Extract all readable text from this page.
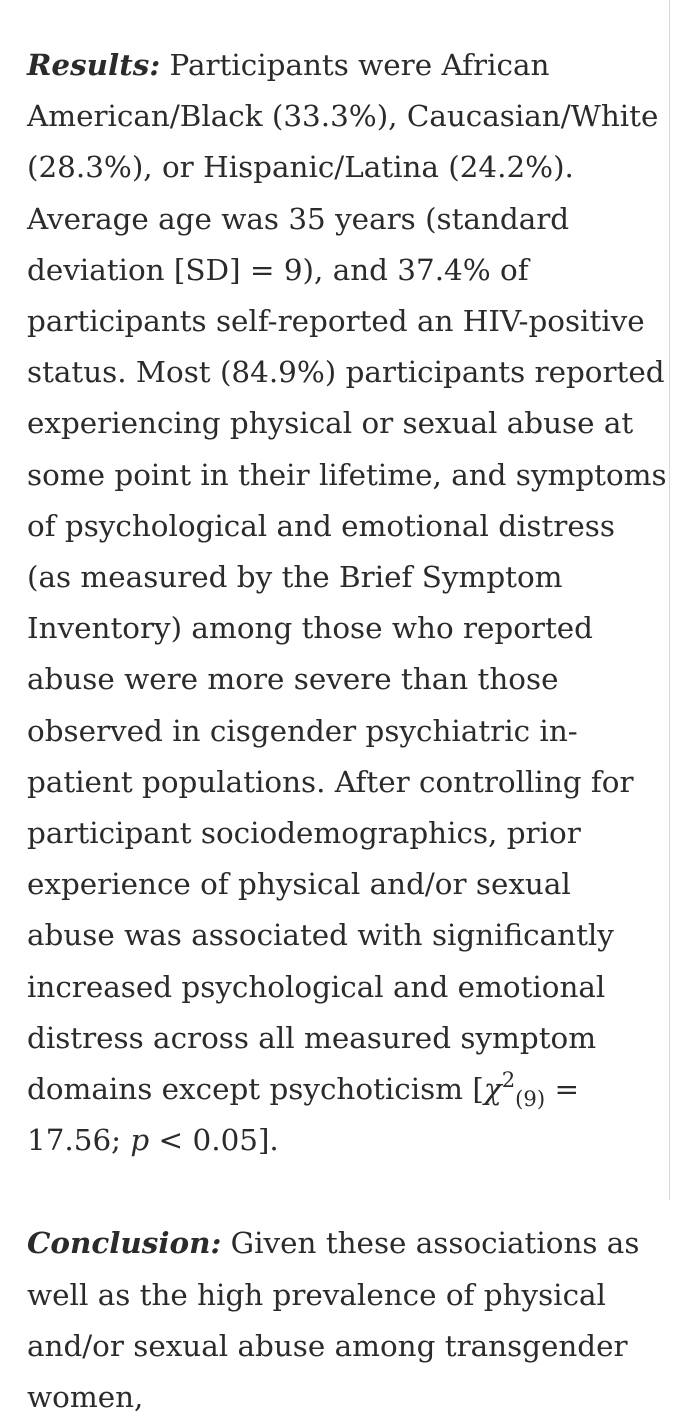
Results: Participants were African American/Black (33.3%), Caucasian/White (28.3%), or Hispanic/Latina (24.2%). Average age was 35 years (standard deviation [SD] = 9), and 37.4% of participants self-reported an HIV-positive status. Most (84.9%) participants reported experiencing physical or sexual abuse at some point in their lifetime, and symptoms of psychological and emotional distress (as measured by the Brief Symptom Inventory) among those who reported abuse were more severe than those observed in cisgender psychiatric in-patient populations. After controlling for participant sociodemographics, prior experience of physical and/or sexual abuse was associated with significantly increased psychological and emotional distress across all measured symptom domains except psychoticism [$\chi^2_{(9)} = 17.56$; p < 0.05].

Conclusion: Given these associations as well as the high prevalence of physical and/or sexual abuse among transgender women,
